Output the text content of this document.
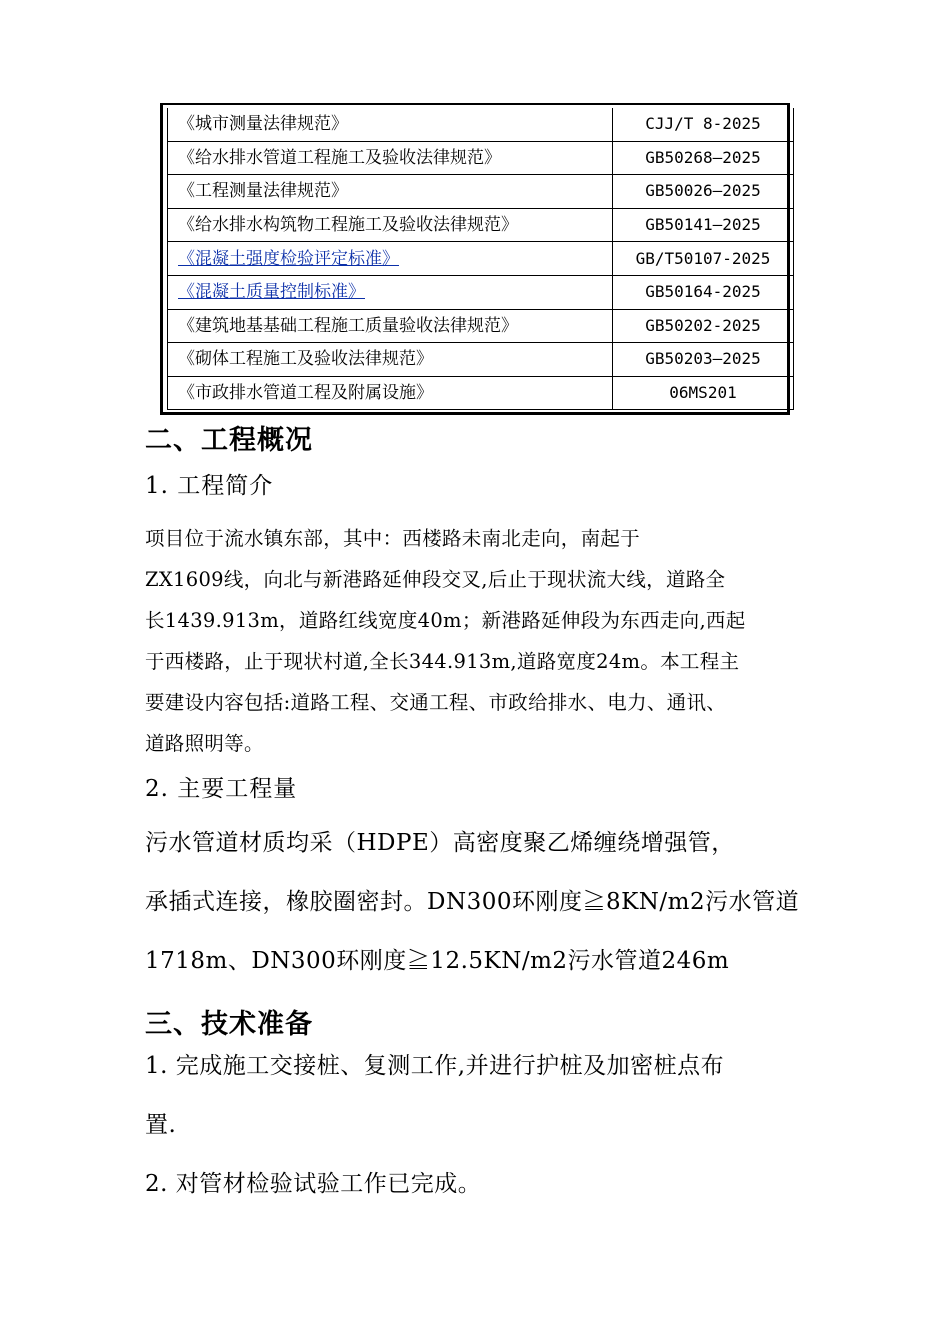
《城市测量法律规范》	CJJ/T 8-2025
《给水排水管道工程施工及验收法律规范》	GB50268—2025
《工程测量法律规范》	GB50026—2025
《给水排水构筑物工程施工及验收法律规范》	GB50141—2025
《混凝土强度检验评定标准》	GB/T50107-2025
《混凝土质量控制标准》	GB50164-2025
《建筑地基基础工程施工质量验收法律规范》	GB50202-2025
《砌体工程施工及验收法律规范》	GB50203—2025
《市政排水管道工程及附属设施》	06MS201
二、工程概况
1. 工程简介
项目位于流水镇东部，其中：西楼路未南北走向，南起于
ZX1609线，向北与新港路延伸段交叉,后止于现状流大线，道路全
长1439.913m，道路红线宽度40m；新港路延伸段为东西走向,西起
于西楼路，止于现状村道,全长344.913m,道路宽度24m。本工程主
要建设内容包括:道路工程、交通工程、市政给排水、电力、通讯、
道路照明等。
2. 主要工程量
污水管道材质均采（HDPE）高密度聚乙烯缠绕增强管，
承插式连接，橡胶圈密封。DN300环刚度≧8KN/m2污水管道
1718m、DN300环刚度≧12.5KN/m2污水管道246m
三、技术准备
1. 完成施工交接桩、复测工作,并进行护桩及加密桩点布
置.
2. 对管材检验试验工作已完成。
